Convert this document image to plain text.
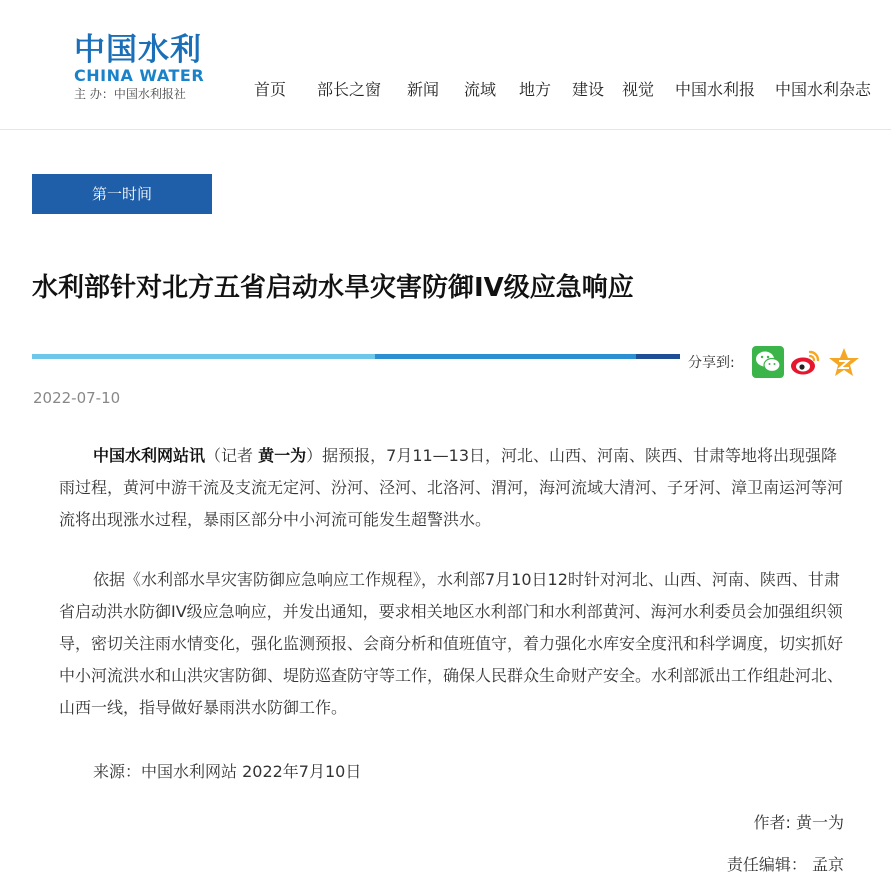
中国水利
CHINA WATER
主 办：中国水利报社	首页 部长之窗 新闻 流域 地方 建设 视觉 中国水利报 中国水利杂志
第一时间
水利部针对北方五省启动水旱灾害防御IV级应急响应
分享到:
2022-07-10

中国水利网站讯（记者 黄一为）据预报，7月11—13日，河北、山西、河南、陕西、甘肃等地将出现强降雨过程，黄河中游干流及支流无定河、汾河、泾河、北洛河、渭河，海河流域大清河、子牙河、漳卫南运河等河流将出现涨水过程，暴雨区部分中小河流可能发生超警洪水。

依据《水利部水旱灾害防御应急响应工作规程》，水利部7月10日12时针对河北、山西、河南、陕西、甘肃省启动洪水防御IV级应急响应，并发出通知，要求相关地区水利部门和水利部黄河、海河水利委员会加强组织领导，密切关注雨水情变化，强化监测预报、会商分析和值班值守，着力强化水库安全度汛和科学调度，切实抓好中小河流洪水和山洪灾害防御、堤防巡查防守等工作，确保人民群众生命财产安全。水利部派出工作组赴河北、山西一线，指导做好暴雨洪水防御工作。

来源：中国水利网站 2022年7月10日

作者: 黄一为
责任编辑： 孟京
